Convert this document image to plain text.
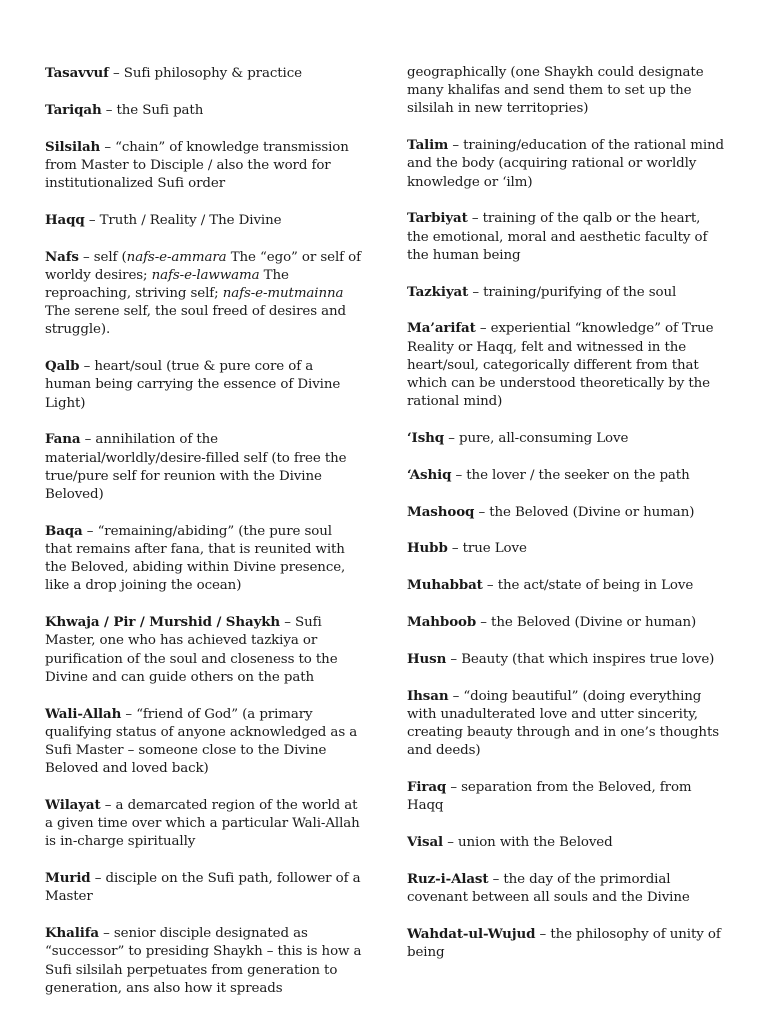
Tasavvuf – Sufi philosophy & practice

Tariqah – the Sufi path

Silsilah – “chain” of knowledge transmission from Master to Disciple / also the word for institutionalized Sufi order

Haqq – Truth / Reality / The Divine

Nafs – self (nafs-e-ammara The “ego” or self of worldy desires; nafs-e-lawwama The reproaching, striving self; nafs-e-mutmainna The serene self, the soul freed of desires and struggle).

Qalb – heart/soul (true & pure core of a human being carrying the essence of Divine Light)

Fana – annihilation of the material/worldly/desire-filled self (to free the true/pure self for reunion with the Divine Beloved)

Baqa – “remaining/abiding” (the pure soul that remains after fana, that is reunited with the Beloved, abiding within Divine presence, like a drop joining the ocean)

Khwaja / Pir / Murshid / Shaykh – Sufi Master, one who has achieved tazkiya or purification of the soul and closeness to the Divine and can guide others on the path

Wali-Allah – “friend of God” (a primary qualifying status of anyone acknowledged as a Sufi Master – someone close to the Divine Beloved and loved back)

Wilayat – a demarcated region of the world at a given time over which a particular Wali-Allah is in-charge spiritually

Murid – disciple on the Sufi path, follower of a Master

Khalifa – senior disciple designated as “successor” to presiding Shaykh – this is how a Sufi silsilah perpetuates from generation to generation, ans also how it spreads

geographically (one Shaykh could designate many khalifas and send them to set up the silsilah in new territopries)

Talim – training/education of the rational mind and the body (acquiring rational or worldly knowledge or ‘ilm)

Tarbiyat – training of the qalb or the heart, the emotional, moral and aesthetic faculty of the human being

Tazkiyat – training/purifying of the soul

Ma’arifat – experiential “knowledge” of True Reality or Haqq, felt and witnessed in the heart/soul, categorically different from that which can be understood theoretically by the rational mind)

‘Ishq – pure, all-consuming Love

‘Ashiq – the lover / the seeker on the path

Mashooq – the Beloved (Divine or human)

Hubb – true Love

Muhabbat – the act/state of being in Love

Mahboob – the Beloved (Divine or human)

Husn – Beauty (that which inspires true love)

Ihsan – “doing beautiful” (doing everything with unadulterated love and utter sincerity, creating beauty through and in one’s thoughts and deeds)

Firaq – separation from the Beloved, from Haqq

Visal – union with the Beloved

Ruz-i-Alast – the day of the primordial covenant between all souls and the Divine

Wahdat-ul-Wujud – the philosophy of unity of being
